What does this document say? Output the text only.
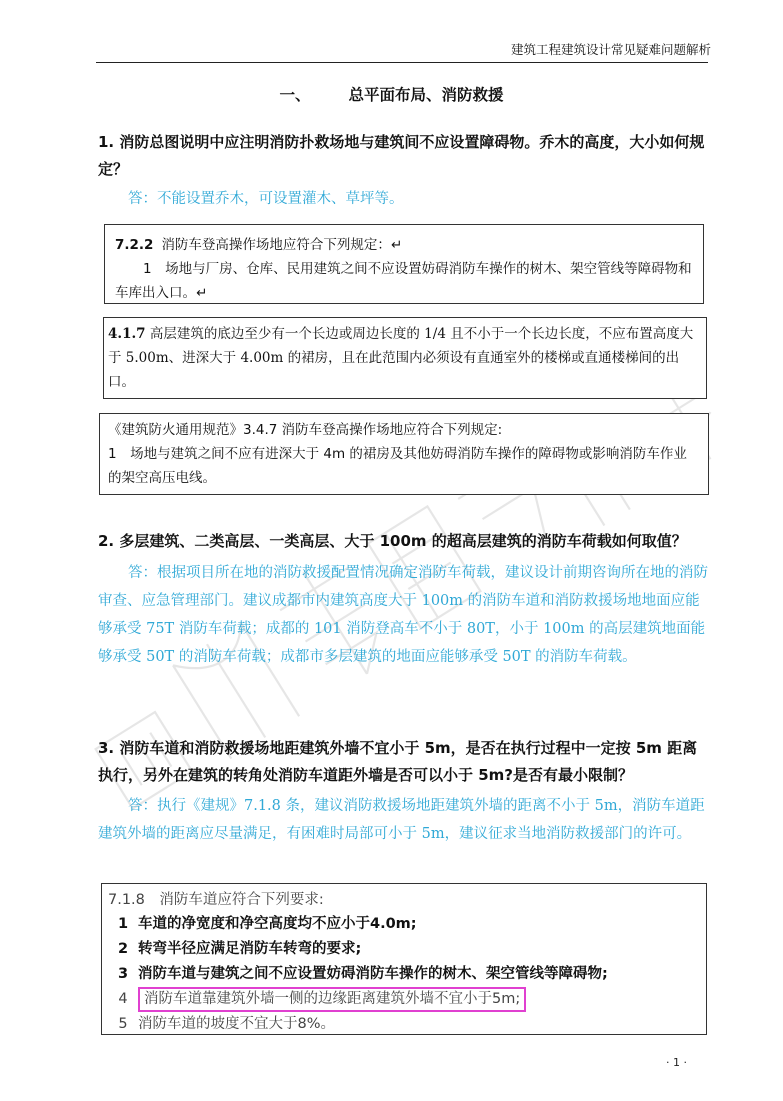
建筑工程建筑设计常见疑难问题解析
一、 总平面布局、消防救援
1. 消防总图说明中应注明消防扑救场地与建筑间不应设置障碍物。乔木的高度，大小如何规定？
答：不能设置乔木，可设置灌木、草坪等。
7.2.2 消防车登高操作场地应符合下列规定：↵
1　场地与厂房、仓库、民用建筑之间不应设置妨碍消防车操作的树木、架空管线等障碍物和车库出入口。↵
4.1.7 高层建筑的底边至少有一个长边或周边长度的 1/4 且不小于一个长边长度，不应布置高度大于 5.00m、进深大于 4.00m 的裙房，且在此范围内必须设有直通室外的楼梯或直通楼梯间的出口。
《建筑防火通用规范》3.4.7 消防车登高操作场地应符合下列规定:
1　场地与建筑之间不应有进深大于 4m 的裙房及其他妨碍消防车操作的障碍物或影响消防车作业的架空高压电线。
2. 多层建筑、二类高层、一类高层、大于 100m 的超高层建筑的消防车荷载如何取值？
答：根据项目所在地的消防救援配置情况确定消防车荷载，建议设计前期咨询所在地的消防审查、应急管理部门。建议成都市内建筑高度大于 100m 的消防车道和消防救援场地地面应能够承受 75T 消防车荷载；成都的 101 消防登高车不小于 80T，小于 100m 的高层建筑地面能够承受 50T 的消防车荷载；成都市多层建筑的地面应能够承受 50T 的消防车荷载。
3. 消防车道和消防救援场地距建筑外墙不宜小于 5m，是否在执行过程中一定按 5m 距离执行，另外在建筑的转角处消防车道距外墙是否可以小于 5m?是否有最小限制？
答：执行《建规》7.1.8 条，建议消防救援场地距建筑外墙的距离不小于 5m，消防车道距建筑外墙的距离应尽量满足，有困难时局部可小于 5m，建议征求当地消防救援部门的许可。
7.1.8　消防车道应符合下列要求:
1 车道的净宽度和净空高度均不应小于4.0m;
2 转弯半径应满足消防车转弯的要求;
3 消防车道与建筑之间不应设置妨碍消防车操作的树木、架空管线等障碍物;
4 消防车道靠建筑外墙一侧的边缘距离建筑外墙不宜小于5m;
5 消防车道的坡度不宜大于8%。
· 1 ·
